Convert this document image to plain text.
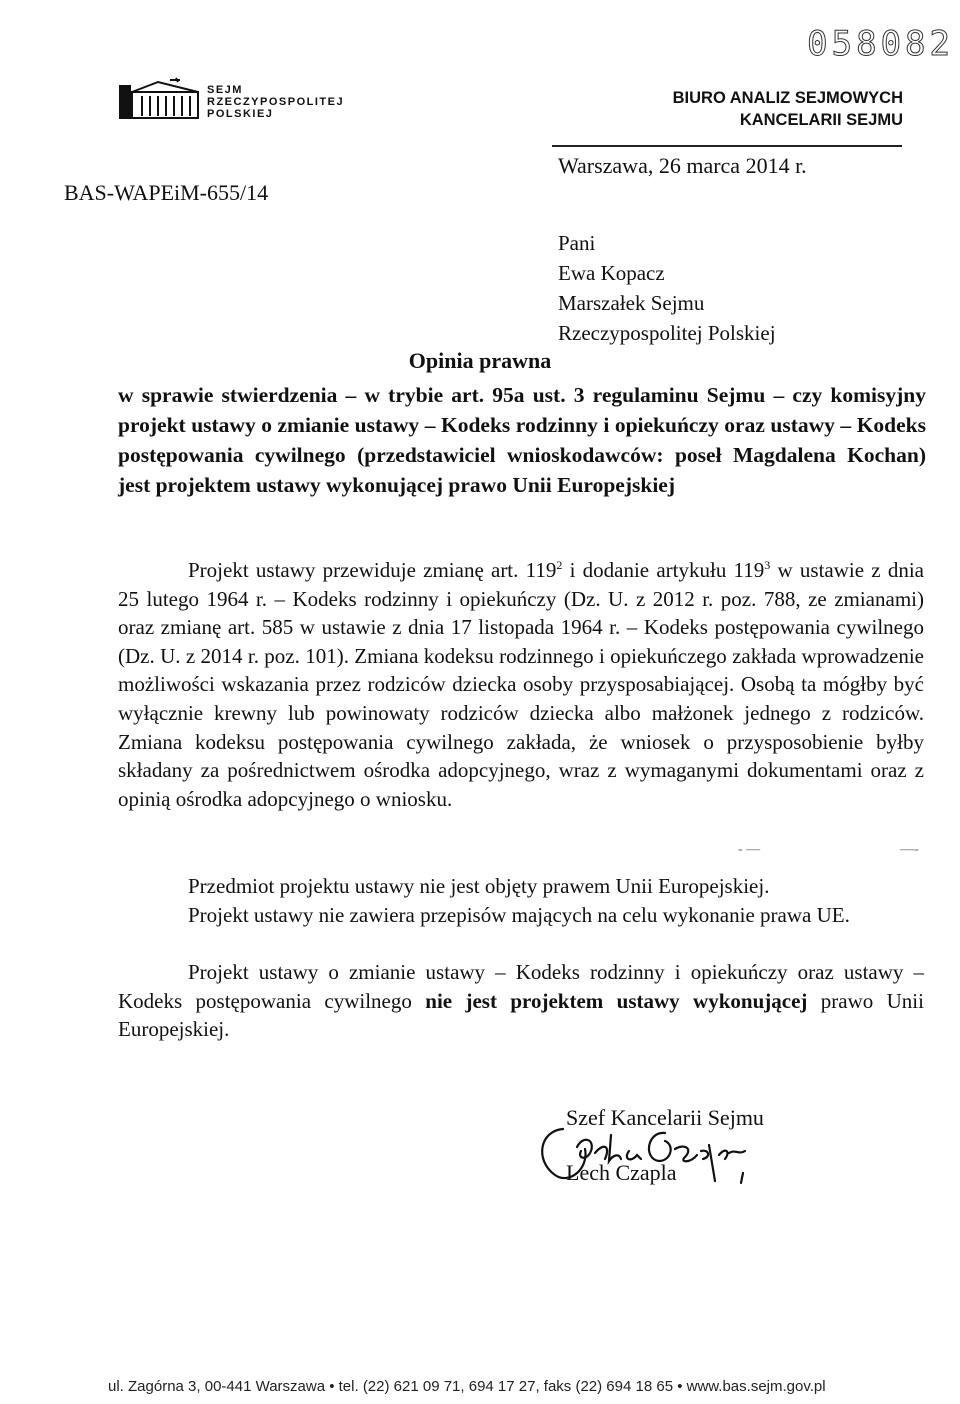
058082
SEJM
RZECZYPOSPOLITEJ
POLSKIEJ
BIURO ANALIZ SEJMOWYCH
KANCELARII SEJMU
BAS-WAPEiM-655/14
Warszawa, 26 marca 2014 r.
Pani
Ewa Kopacz
Marszałek Sejmu
Rzeczypospolitej Polskiej
Opinia prawna
w sprawie stwierdzenia – w trybie art. 95a ust. 3 regulaminu Sejmu – czy komisyjny projekt ustawy o zmianie ustawy – Kodeks rodzinny i opiekuńczy oraz ustawy – Kodeks postępowania cywilnego (przedstawiciel wnioskodawców: poseł Magdalena Kochan) jest projektem ustawy wykonującej prawo Unii Europejskiej
Projekt ustawy przewiduje zmianę art. $119^2$ i dodanie artykułu $119^3$ w ustawie z dnia 25 lutego 1964 r. – Kodeks rodzinny i opiekuńczy (Dz. U. z 2012 r. poz. 788, ze zmianami) oraz zmianę art. 585 w ustawie z dnia 17 listopada 1964 r. – Kodeks postępowania cywilnego (Dz. U. z 2014 r. poz. 101). Zmiana kodeksu rodzinnego i opiekuńczego zakłada wprowadzenie możliwości wskazania przez rodziców dziecka osoby przysposabiającej. Osobą ta mógłby być wyłącznie krewny lub powinowaty rodziców dziecka albo małżonek jednego z rodziców. Zmiana kodeksu postępowania cywilnego zakłada, że wniosek o przysposobienie byłby składany za pośrednictwem ośrodka adopcyjnego, wraz z wymaganymi dokumentami oraz z opinią ośrodka adopcyjnego o wniosku.
Przedmiot projektu ustawy nie jest objęty prawem Unii Europejskiej.
Projekt ustawy nie zawiera przepisów mających na celu wykonanie prawa UE.
Projekt ustawy o zmianie ustawy – Kodeks rodzinny i opiekuńczy oraz ustawy – Kodeks postępowania cywilnego nie jest projektem ustawy wykonującej prawo Unii Europejskiej.
- —	—-
Szef Kancelarii Sejmu
Lech Czapla
ul. Zagórna 3, 00-441 Warszawa • tel. (22) 621 09 71, 694 17 27, faks (22) 694 18 65 • www.bas.sejm.gov.pl
